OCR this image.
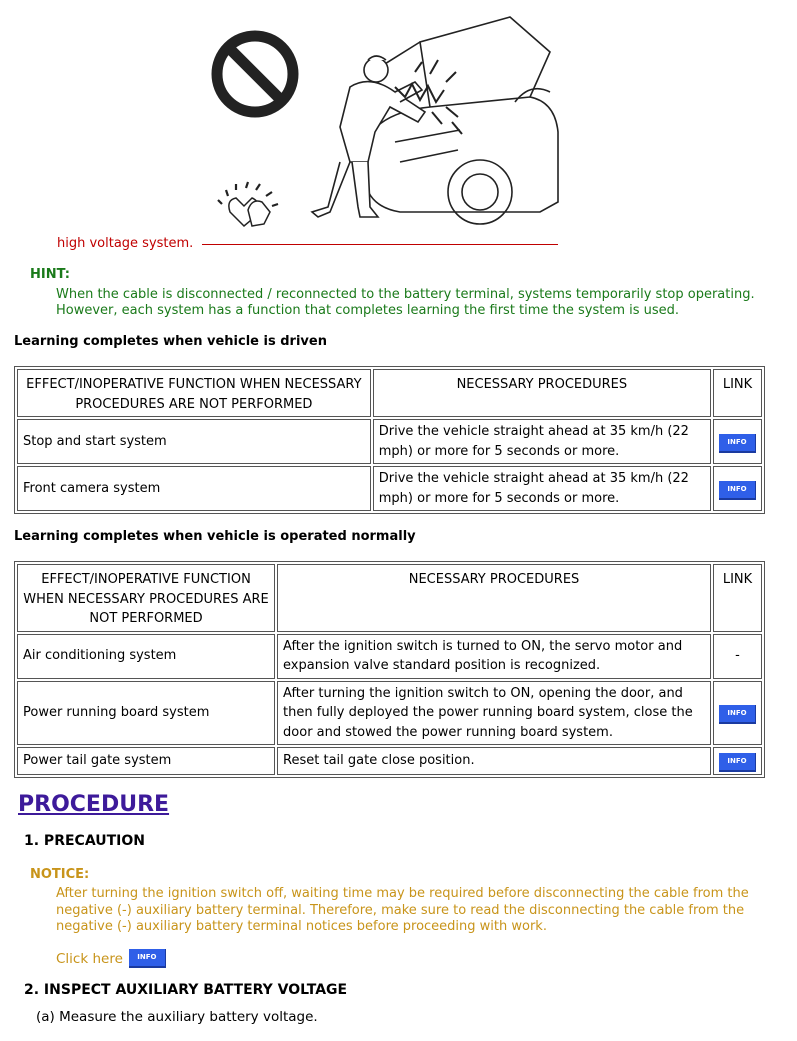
high voltage system.
HINT:
When the cable is disconnected / reconnected to the battery terminal, systems temporarily stop operating.
However, each system has a function that completes learning the first time the system is used.
Learning completes when vehicle is driven
EFFECT/INOPERATIVE FUNCTION WHEN NECESSARY PROCEDURES ARE NOT PERFORMED	NECESSARY PROCEDURES	LINK
Stop and start system	Drive the vehicle straight ahead at 35 km/h (22 mph) or more for 5 seconds or more.	INFO
Front camera system	Drive the vehicle straight ahead at 35 km/h (22 mph) or more for 5 seconds or more.	INFO
Learning completes when vehicle is operated normally
EFFECT/INOPERATIVE FUNCTION WHEN NECESSARY PROCEDURES ARE NOT PERFORMED	NECESSARY PROCEDURES	LINK
Air conditioning system	After the ignition switch is turned to ON, the servo motor and expansion valve standard position is recognized.	-
Power running board system	After turning the ignition switch to ON, opening the door, and then fully deployed the power running board system, close the door and stowed the power running board system.	INFO
Power tail gate system	Reset tail gate close position.	INFO
PROCEDURE
1. PRECAUTION
NOTICE:
After turning the ignition switch off, waiting time may be required before disconnecting the cable from the
negative (-) auxiliary battery terminal. Therefore, make sure to read the disconnecting the cable from the
negative (-) auxiliary battery terminal notices before proceeding with work.
Click here	INFO
2. INSPECT AUXILIARY BATTERY VOLTAGE
(a) Measure the auxiliary battery voltage.
